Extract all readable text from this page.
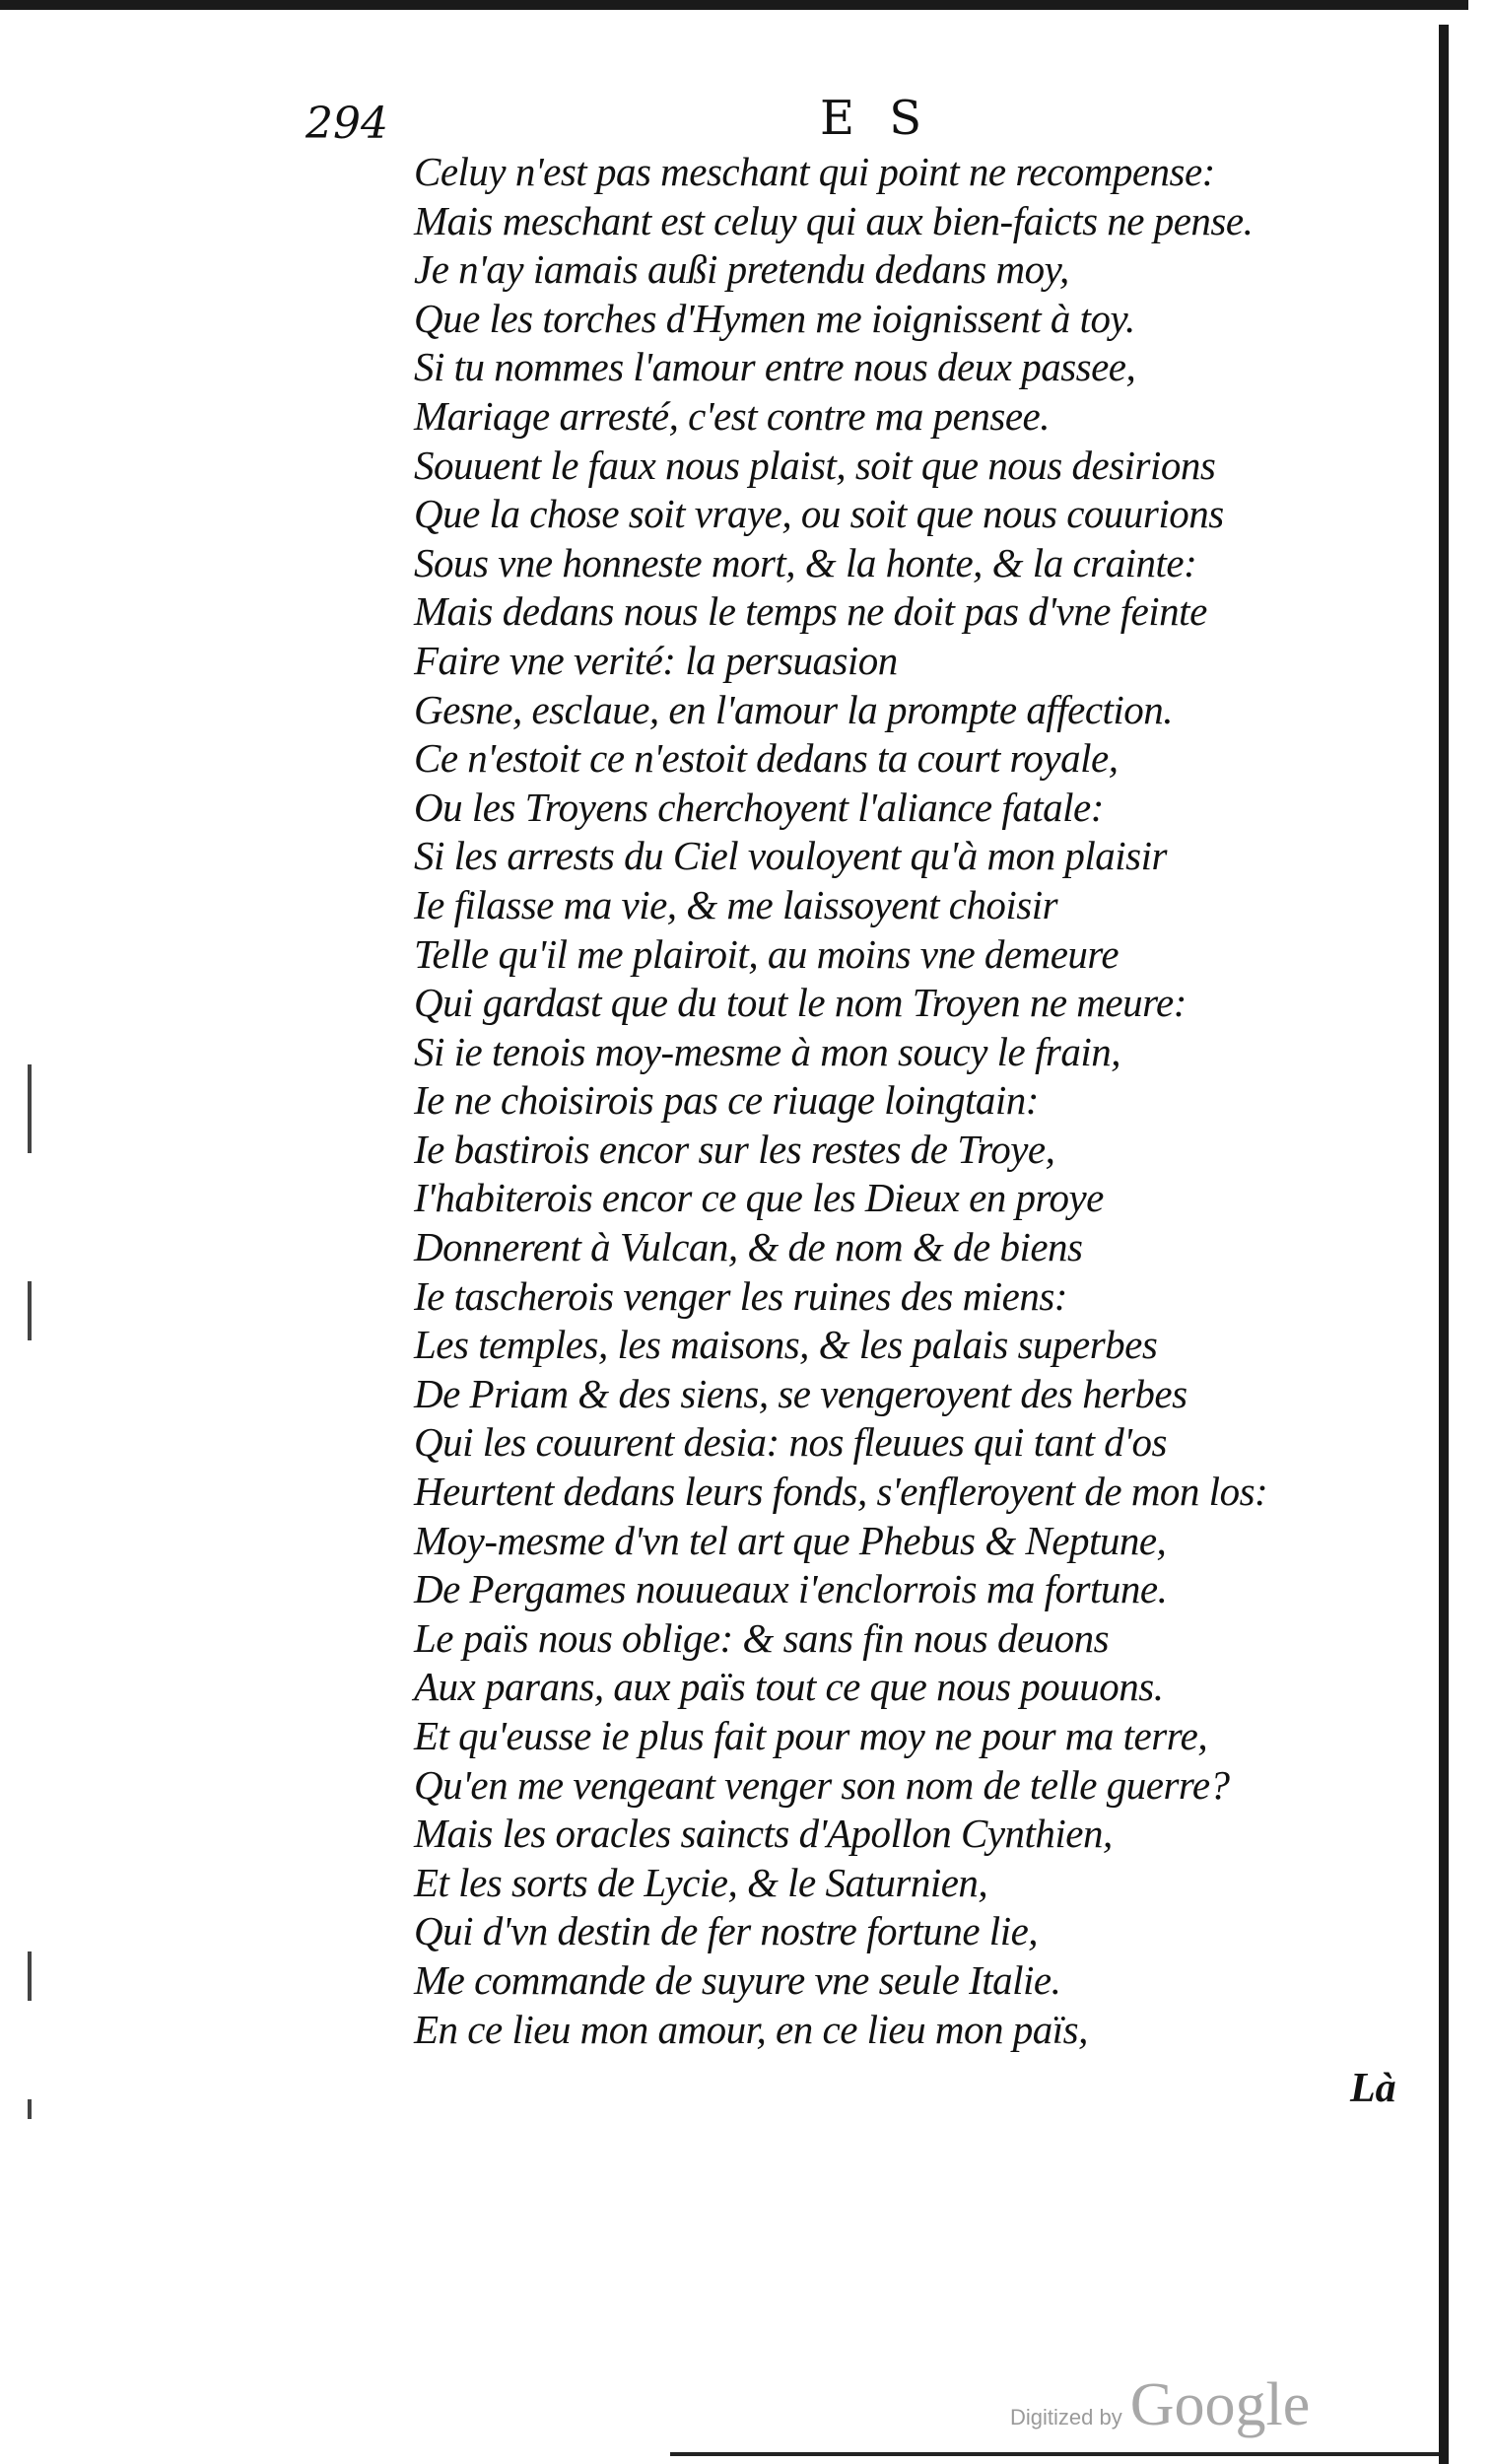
294	E S
Celuy n'est pas meschant qui point ne recompense:
Mais meschant est celuy qui aux bien-faicts ne pense.
Je n'ay iamais außi pretendu dedans moy,
Que les torches d'Hymen me ioignissent à toy.
Si tu nommes l'amour entre nous deux passee,
Mariage arresté, c'est contre ma pensee.
Souuent le faux nous plaist, soit que nous desirions
Que la chose soit vraye, ou soit que nous couurions
Sous vne honneste mort, & la honte, & la crainte:
Mais dedans nous le temps ne doit pas d'vne feinte
Faire vne verité: la persuasion
Gesne, esclaue, en l'amour la prompte affection.
Ce n'estoit ce n'estoit dedans ta court royale,
Ou les Troyens cherchoyent l'aliance fatale:
Si les arrests du Ciel vouloyent qu'à mon plaisir
Ie filasse ma vie, & me laissoyent choisir
Telle qu'il me plairoit, au moins vne demeure
Qui gardast que du tout le nom Troyen ne meure:
Si ie tenois moy-mesme à mon soucy le frain,
Ie ne choisirois pas ce riuage loingtain:
Ie bastirois encor sur les restes de Troye,
I'habiterois encor ce que les Dieux en proye
Donnerent à Vulcan, & de nom & de biens
Ie tascherois venger les ruines des miens:
Les temples, les maisons, & les palais superbes
De Priam & des siens, se vengeroyent des herbes
Qui les couurent desia: nos fleuues qui tant d'os
Heurtent dedans leurs fonds, s'enfleroyent de mon los:
Moy-mesme d'vn tel art que Phebus & Neptune,
De Pergames nouueaux i'enclorrois ma fortune.
Le païs nous oblige: & sans fin nous deuons
Aux parans, aux païs tout ce que nous pouuons.
Et qu'eusse ie plus fait pour moy ne pour ma terre,
Qu'en me vengeant venger son nom de telle guerre?
Mais les oracles saincts d'Apollon Cynthien,
Et les sorts de Lycie, & le Saturnien,
Qui d'vn destin de fer nostre fortune lie,
Me commande de suyure vne seule Italie.
En ce lieu mon amour, en ce lieu mon païs,
Là
Digitized by Google
